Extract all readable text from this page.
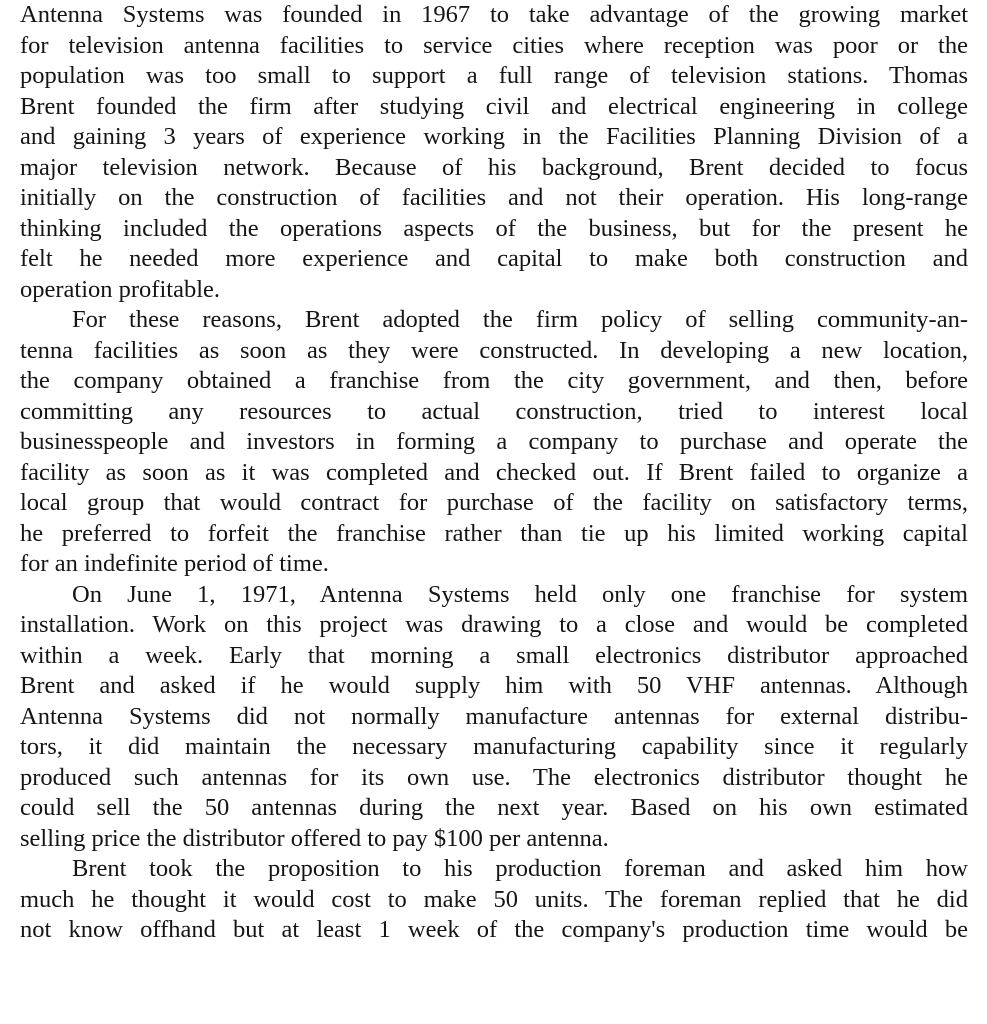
Antenna Systems was founded in 1967 to take advantage of the growing market
for television antenna facilities to service cities where reception was poor or the
population was too small to support a full range of television stations. Thomas
Brent founded the firm after studying civil and electrical engineering in college
and gaining 3 years of experience working in the Facilities Planning Division of a
major television network. Because of his background, Brent decided to focus
initially on the construction of facilities and not their operation. His long-range
thinking included the operations aspects of the business, but for the present he
felt he needed more experience and capital to make both construction and
operation profitable.
For these reasons, Brent adopted the firm policy of selling community-an-
tenna facilities as soon as they were constructed. In developing a new location,
the company obtained a franchise from the city government, and then, before
committing any resources to actual construction, tried to interest local
businesspeople and investors in forming a company to purchase and operate the
facility as soon as it was completed and checked out. If Brent failed to organize a
local group that would contract for purchase of the facility on satisfactory terms,
he preferred to forfeit the franchise rather than tie up his limited working capital
for an indefinite period of time.
On June 1, 1971, Antenna Systems held only one franchise for system
installation. Work on this project was drawing to a close and would be completed
within a week. Early that morning a small electronics distributor approached
Brent and asked if he would supply him with 50 VHF antennas. Although
Antenna Systems did not normally manufacture antennas for external distribu-
tors, it did maintain the necessary manufacturing capability since it regularly
produced such antennas for its own use. The electronics distributor thought he
could sell the 50 antennas during the next year. Based on his own estimated
selling price the distributor offered to pay $100 per antenna.
Brent took the proposition to his production foreman and asked him how
much he thought it would cost to make 50 units. The foreman replied that he did
not know offhand but at least 1 week of the company's production time would be
